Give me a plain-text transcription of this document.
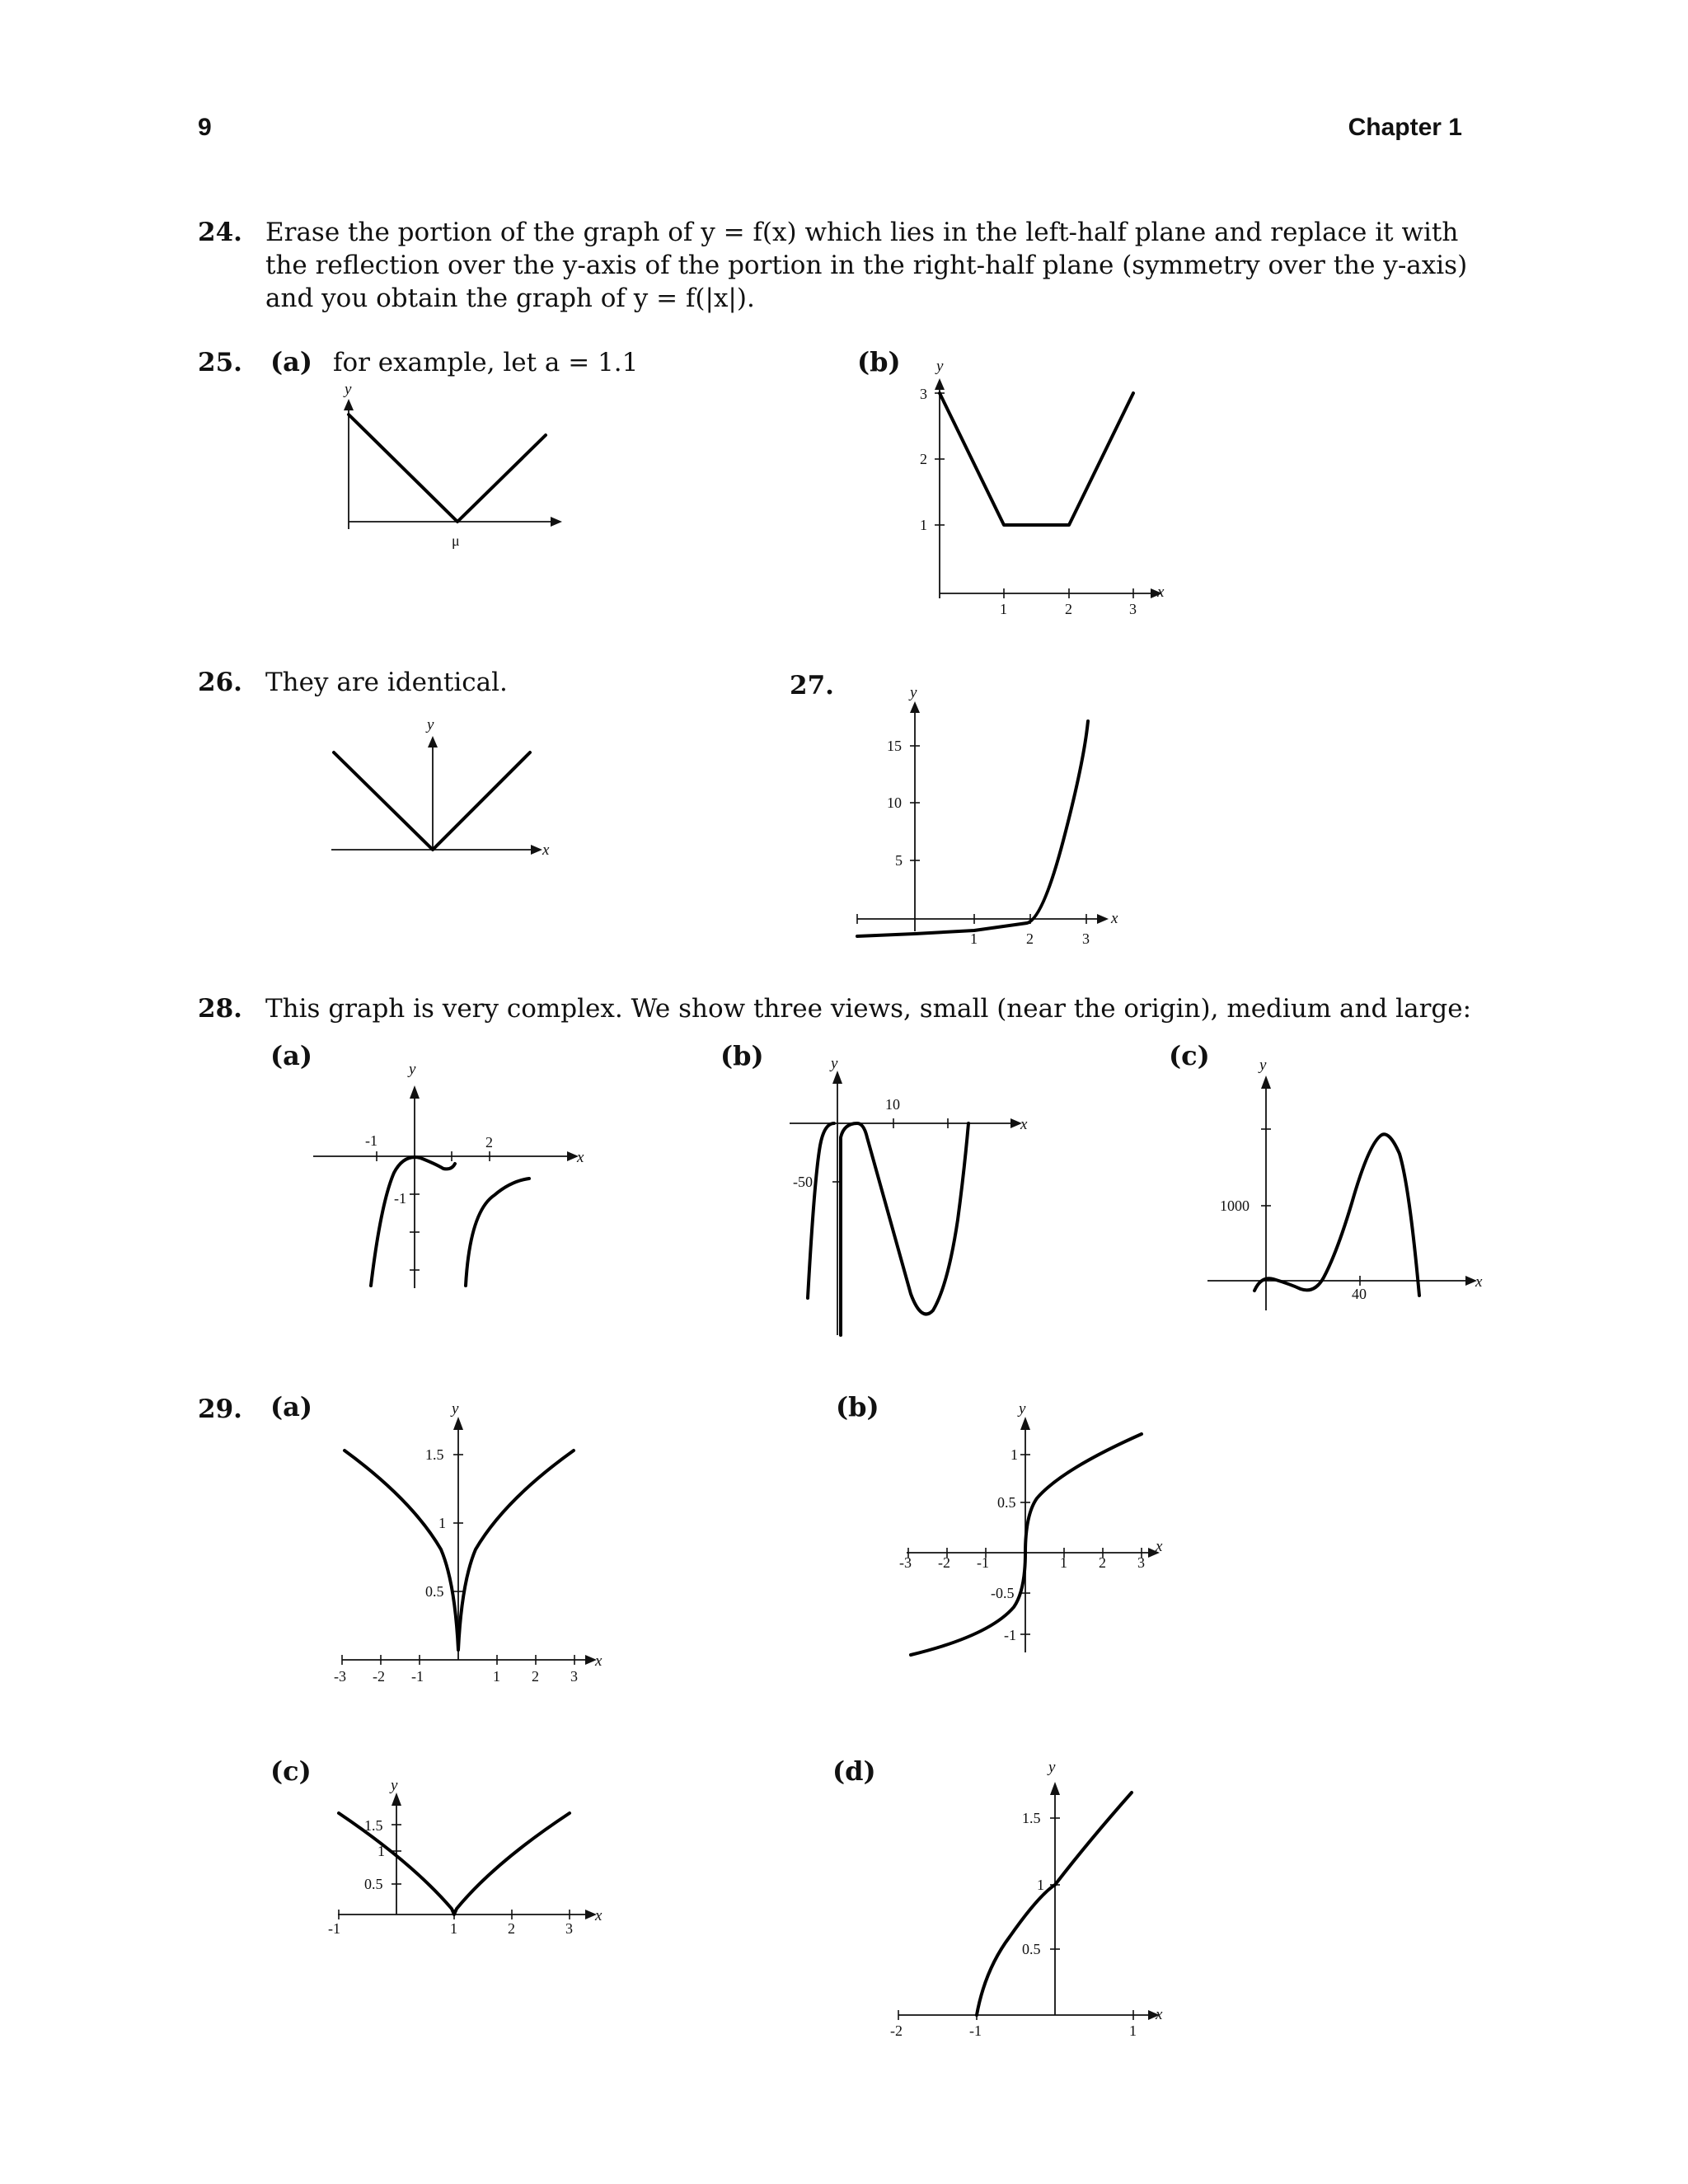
9	Chapter 1
24. Erase the portion of the graph of y = f(x) which lies in the left-half plane and replace it with the reflection over the y-axis of the portion in the right-half plane (symmetry over the y-axis) and you obtain the graph of y = f(|x|).
25. (a) for example, let a = 1.1	(b)
y
μ
x
y
1	2	3
1
2
3
26. They are identical.
x
y
27.
x
y
1	2	3
5
10
15
28. This graph is very complex. We show three views, small (near the origin), medium and large:
(a)	(b)	(c)
x
y
-1	2
-1
x
y
10
-50
x
y
40
1000
29. (a)	(b)
x
y
-3 -2 -1	1 2 3
0.5
1
1.5
x
y
-3 -2 -1	1 2 3
-1
-0.5
0.5
1
(c)	(d)
x
y
-1	1	2	3
0.5
1
1.5
x
y
-2	-1	1
0.5
1
1.5
